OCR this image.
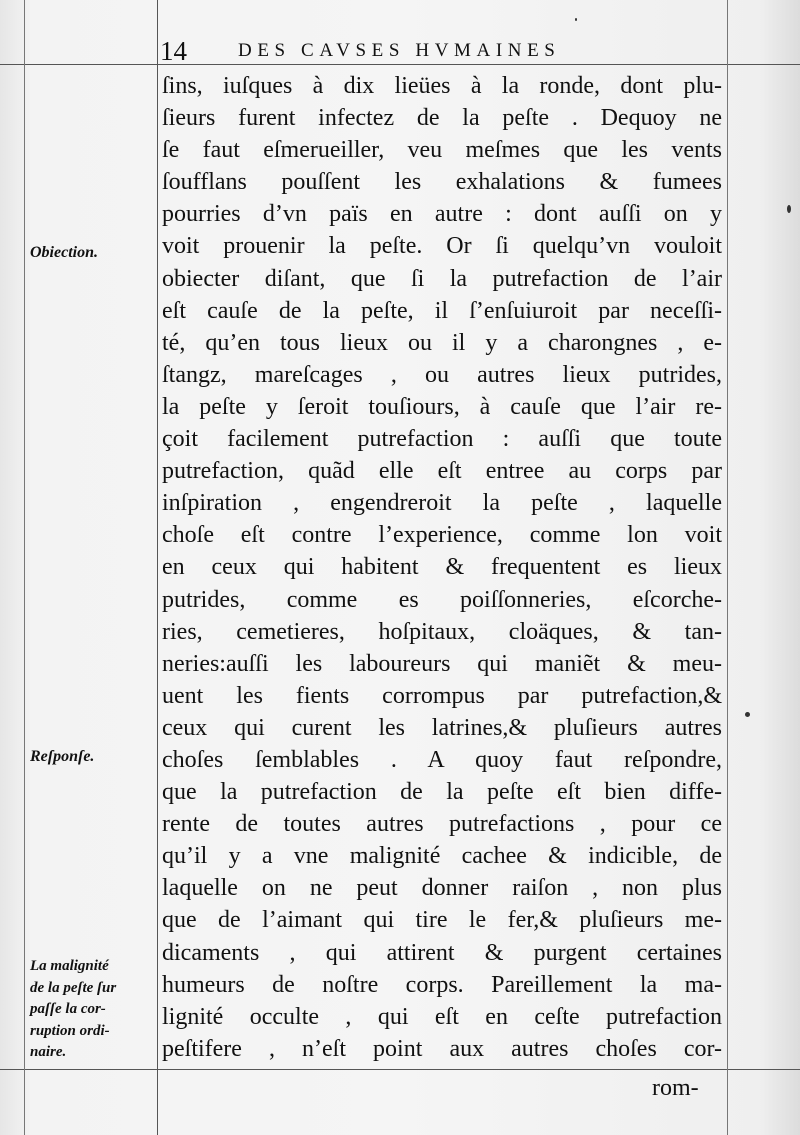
14	DES CAVSES HVMAINES
ſins, iuſques à dix lieües à la ronde, dont plu-
ſieurs furent infectez de la peſte . Dequoy ne
ſe faut eſmerueiller, veu meſmes que les vents
ſoufflans pouſſent les exhalations & fumees
pourries d’vn païs en autre : dont auſſi on y
voit prouenir la peſte. Or ſi quelqu’vn vouloit
obiecter diſant, que ſi la putrefaction de l’air
eſt cauſe de la peſte, il ſ’enſuiuroit par neceſſi-
té, qu’en tous lieux ou il y a charongnes , e-
ſtangz, mareſcages , ou autres lieux putrides,
la peſte y ſeroit touſiours, à cauſe que l’air re-
çoit facilement putrefaction : auſſi que toute
putrefaction, quãd elle eſt entree au corps par
inſpiration , engendreroit la peſte , laquelle
choſe eſt contre l’experience, comme lon voit
en ceux qui habitent & frequentent es lieux
putrides, comme es poiſſonneries, eſcorche-
ries, cemetieres, hoſpitaux, cloäques, & tan-
neries:auſſi les laboureurs qui maniẽt & meu-
uent les fients corrompus par putrefaction,&
ceux qui curent les latrines,& pluſieurs autres
choſes ſemblables . A quoy faut reſpondre,
que la putrefaction de la peſte eſt bien diffe-
rente de toutes autres putrefactions , pour ce
qu’il y a vne malignité cachee & indicible, de
laquelle on ne peut donner raiſon , non plus
que de l’aimant qui tire le fer,& pluſieurs me-
dicaments , qui attirent & purgent certaines
humeurs de noſtre corps. Pareillement la ma-
lignité occulte , qui eſt en ceſte putrefaction
peſtifere , n’eſt point aux autres choſes cor-
rom-
Obiection.
Reſponſe.
La malignité
de la peſte ſur
paſſe la cor-
ruption ordi-
naire.
